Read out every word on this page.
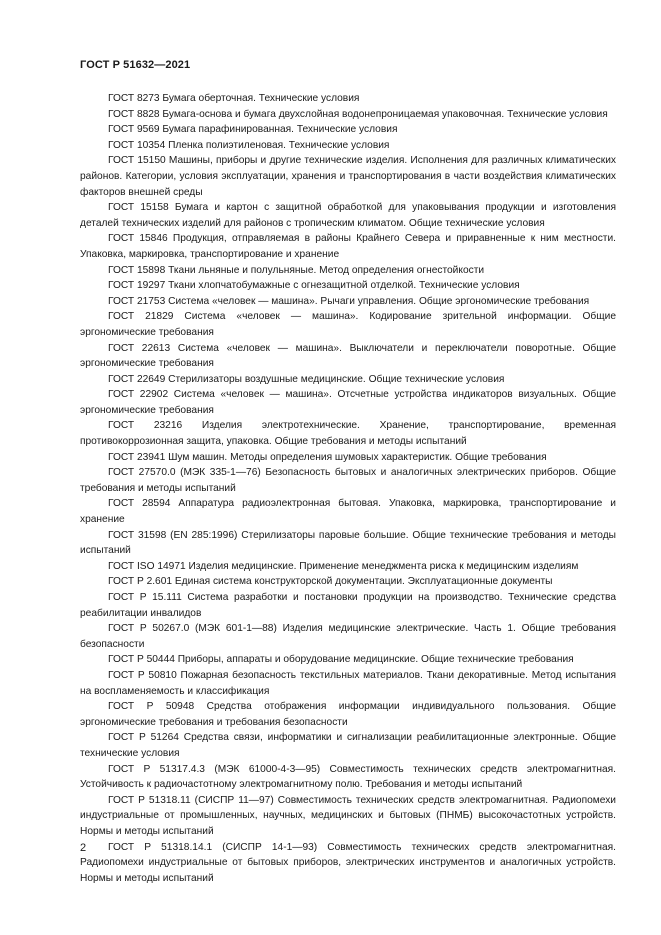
ГОСТ Р 51632—2021

ГОСТ 8273 Бумага оберточная. Технические условия

ГОСТ 8828 Бумага-основа и бумага двухслойная водонепроницаемая упаковочная. Технические условия

ГОСТ 9569 Бумага парафинированная. Технические условия

ГОСТ 10354 Пленка полиэтиленовая. Технические условия

ГОСТ 15150 Машины, приборы и другие технические изделия. Исполнения для различных климатических районов. Категории, условия эксплуатации, хранения и транспортирования в части воздействия климатических факторов внешней среды

ГОСТ 15158 Бумага и картон с защитной обработкой для упаковывания продукции и изготовления деталей технических изделий для районов с тропическим климатом. Общие технические условия

ГОСТ 15846 Продукция, отправляемая в районы Крайнего Севера и приравненные к ним местности. Упаковка, маркировка, транспортирование и хранение

ГОСТ 15898 Ткани льняные и полульняные. Метод определения огнестойкости

ГОСТ 19297 Ткани хлопчатобумажные с огнезащитной отделкой. Технические условия

ГОСТ 21753 Система «человек — машина». Рычаги управления. Общие эргономические требования

ГОСТ 21829 Система «человек — машина». Кодирование зрительной информации. Общие эргономические требования

ГОСТ 22613 Система «человек — машина». Выключатели и переключатели поворотные. Общие эргономические требования

ГОСТ 22649 Стерилизаторы воздушные медицинские. Общие технические условия

ГОСТ 22902 Система «человек — машина». Отсчетные устройства индикаторов визуальных. Общие эргономические требования

ГОСТ 23216 Изделия электротехнические. Хранение, транспортирование, временная противокоррозионная защита, упаковка. Общие требования и методы испытаний

ГОСТ 23941 Шум машин. Методы определения шумовых характеристик. Общие требования

ГОСТ 27570.0 (МЭК 335-1—76) Безопасность бытовых и аналогичных электрических приборов. Общие требования и методы испытаний

ГОСТ 28594 Аппаратура радиоэлектронная бытовая. Упаковка, маркировка, транспортирование и хранение

ГОСТ 31598 (EN 285:1996) Стерилизаторы паровые большие. Общие технические требования и методы испытаний

ГОСТ ISO 14971 Изделия медицинские. Применение менеджмента риска к медицинским изделиям

ГОСТ Р 2.601 Единая система конструкторской документации. Эксплуатационные документы

ГОСТ Р 15.111 Система разработки и постановки продукции на производство. Технические средства реабилитации инвалидов

ГОСТ Р 50267.0 (МЭК 601-1—88) Изделия медицинские электрические. Часть 1. Общие требования безопасности

ГОСТ Р 50444 Приборы, аппараты и оборудование медицинские. Общие технические требования

ГОСТ Р 50810 Пожарная безопасность текстильных материалов. Ткани декоративные. Метод испытания на воспламеняемость и классификация

ГОСТ Р 50948 Средства отображения информации индивидуального пользования. Общие эргономические требования и требования безопасности

ГОСТ Р 51264 Средства связи, информатики и сигнализации реабилитационные электронные. Общие технические условия

ГОСТ Р 51317.4.3 (МЭК 61000-4-3—95) Совместимость технических средств электромагнитная. Устойчивость к радиочастотному электромагнитному полю. Требования и методы испытаний

ГОСТ Р 51318.11 (СИСПР 11—97) Совместимость технических средств электромагнитная. Радиопомехи индустриальные от промышленных, научных, медицинских и бытовых (ПНМБ) высокочастотных устройств. Нормы и методы испытаний

ГОСТ Р 51318.14.1 (СИСПР 14-1—93) Совместимость технических средств электромагнитная. Радиопомехи индустриальные от бытовых приборов, электрических инструментов и аналогичных устройств. Нормы и методы испытаний

2
